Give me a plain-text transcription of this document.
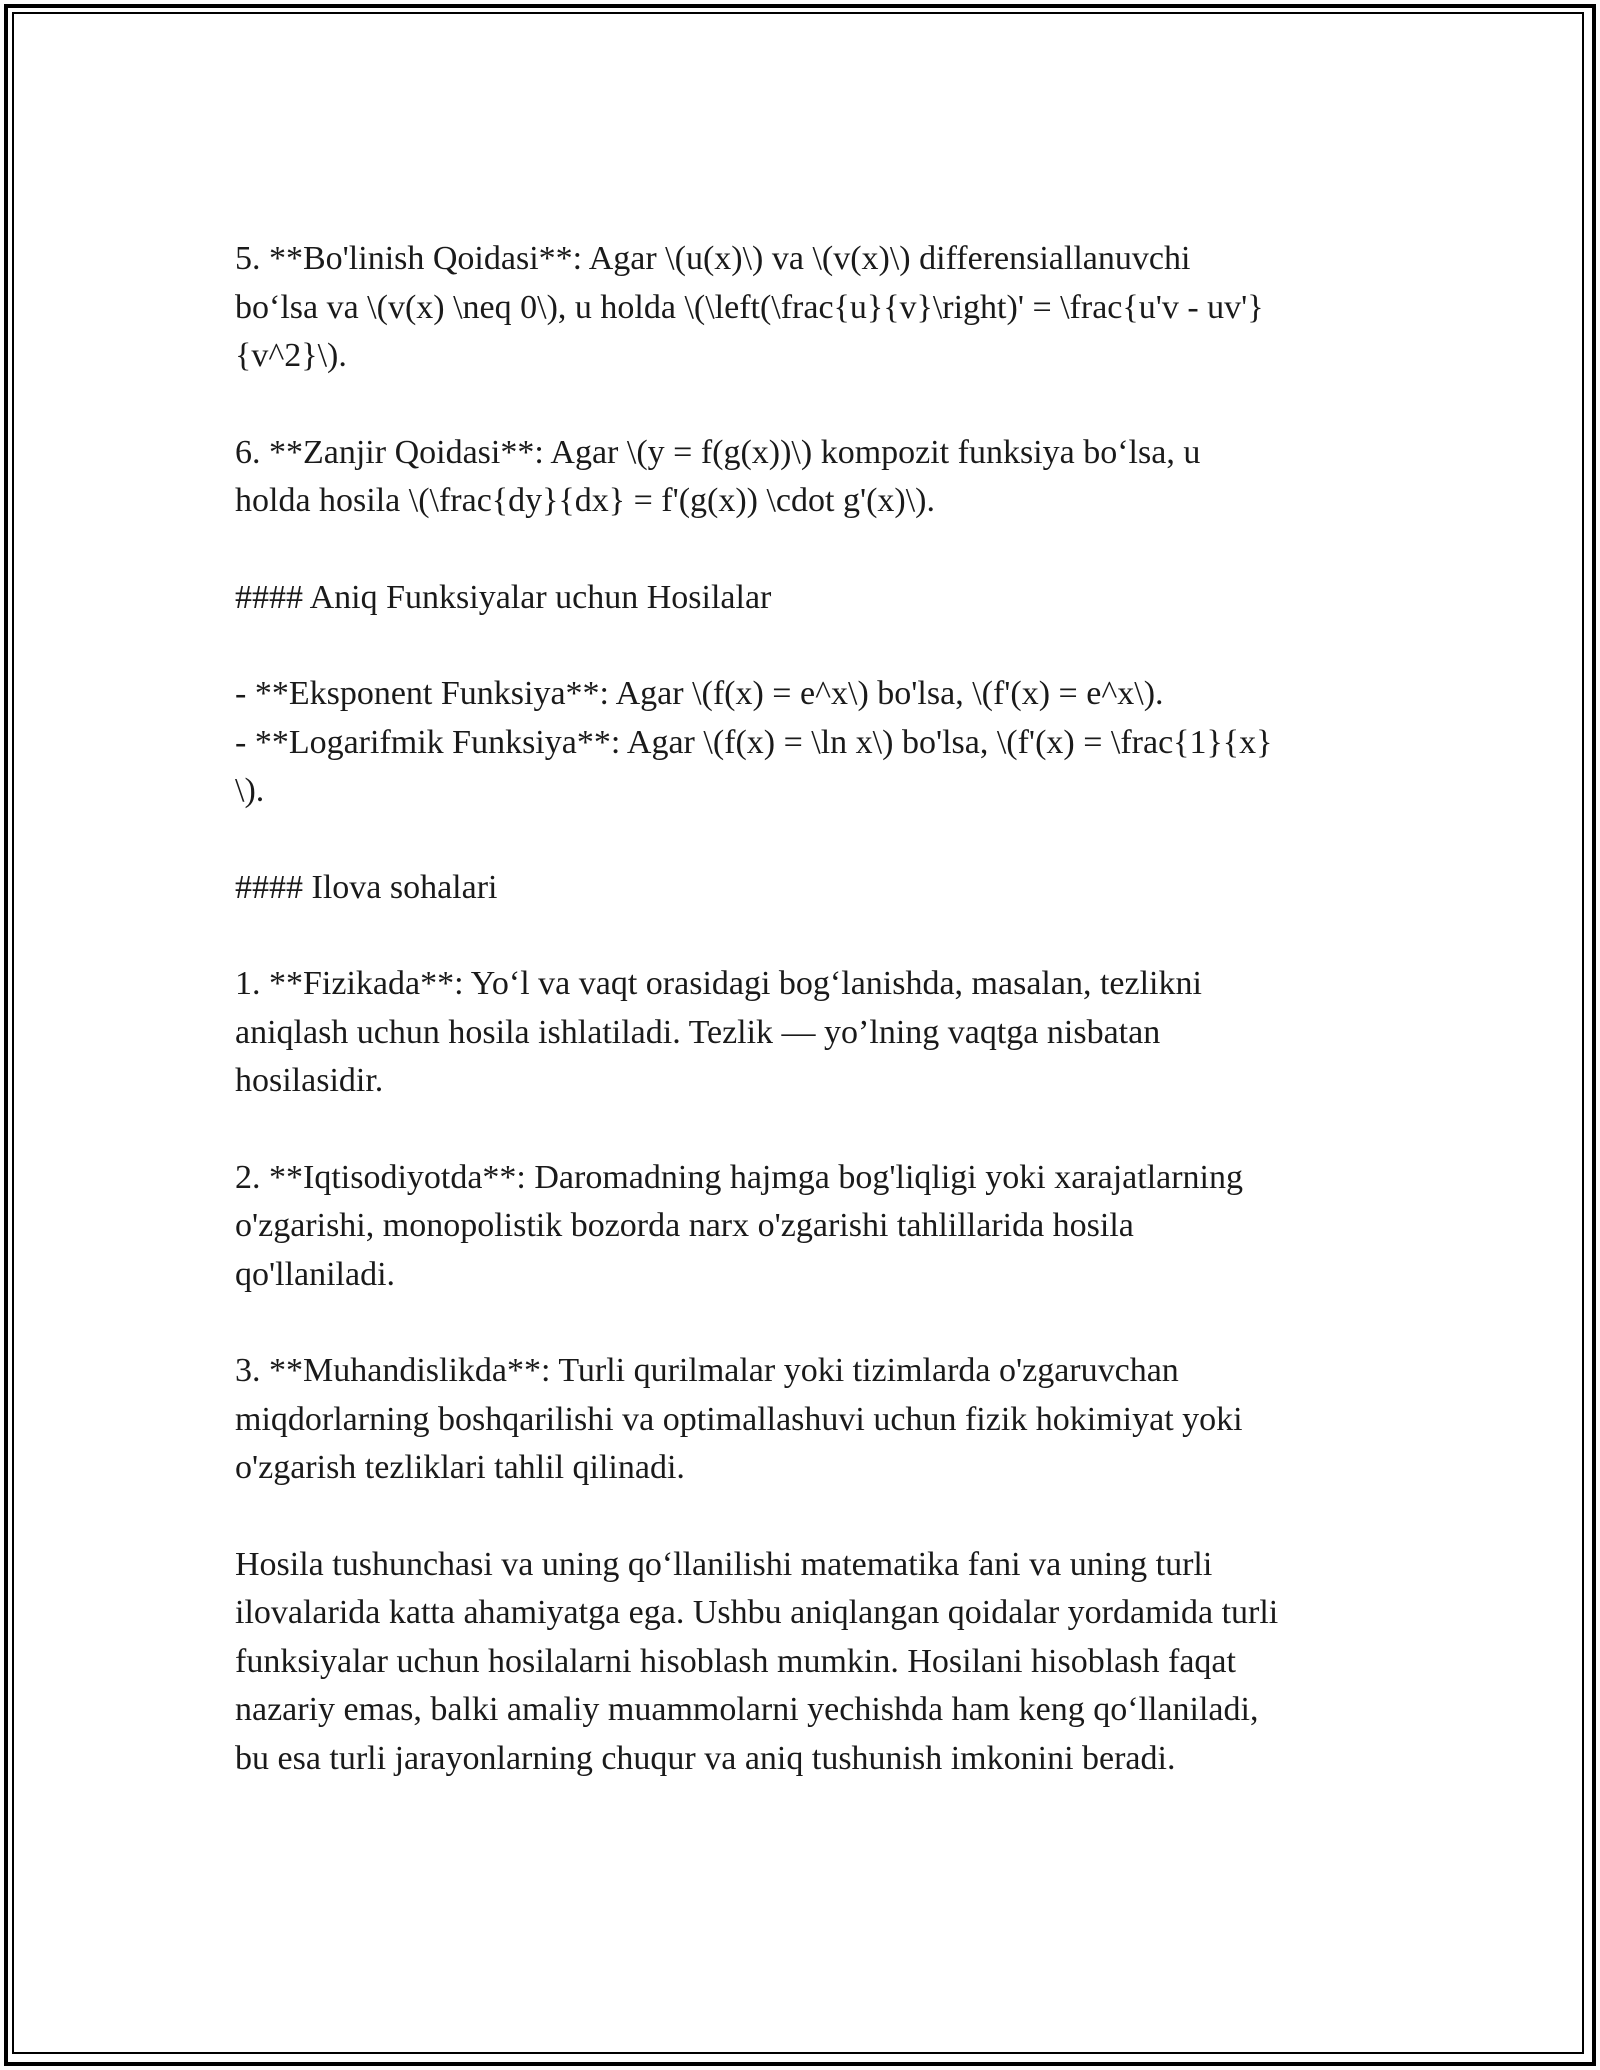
5. **Bo'linish Qoidasi**: Agar \(u(x)\) va \(v(x)\) differensiallanuvchi
bo‘lsa va \(v(x) \neq 0\), u holda \(\left(\frac{u}{v}\right)' = \frac{u'v - uv'}
{v^2}\).
6. **Zanjir Qoidasi**: Agar \(y = f(g(x))\) kompozit funksiya bo‘lsa, u
holda hosila \(\frac{dy}{dx} = f'(g(x)) \cdot g'(x)\).
#### Aniq Funksiyalar uchun Hosilalar
- **Eksponent Funksiya**: Agar \(f(x) = e^x\) bo'lsa, \(f'(x) = e^x\).
- **Logarifmik Funksiya**: Agar \(f(x) = \ln x\) bo'lsa, \(f'(x) = \frac{1}{x}
\).
#### Ilova sohalari
1. **Fizikada**: Yo‘l va vaqt orasidagi bog‘lanishda, masalan, tezlikni
aniqlash uchun hosila ishlatiladi. Tezlik — yo’lning vaqtga nisbatan
hosilasidir.
2. **Iqtisodiyotda**: Daromadning hajmga bog'liqligi yoki xarajatlarning
o'zgarishi, monopolistik bozorda narx o'zgarishi tahlillarida hosila
qo'llaniladi.
3. **Muhandislikda**: Turli qurilmalar yoki tizimlarda o'zgaruvchan
miqdorlarning boshqarilishi va optimallashuvi uchun fizik hokimiyat yoki
o'zgarish tezliklari tahlil qilinadi.
Hosila tushunchasi va uning qo‘llanilishi matematika fani va uning turli
ilovalarida katta ahamiyatga ega. Ushbu aniqlangan qoidalar yordamida turli
funksiyalar uchun hosilalarni hisoblash mumkin. Hosilani hisoblash faqat
nazariy emas, balki amaliy muammolarni yechishda ham keng qo‘llaniladi,
bu esa turli jarayonlarning chuqur va aniq tushunish imkonini beradi.
